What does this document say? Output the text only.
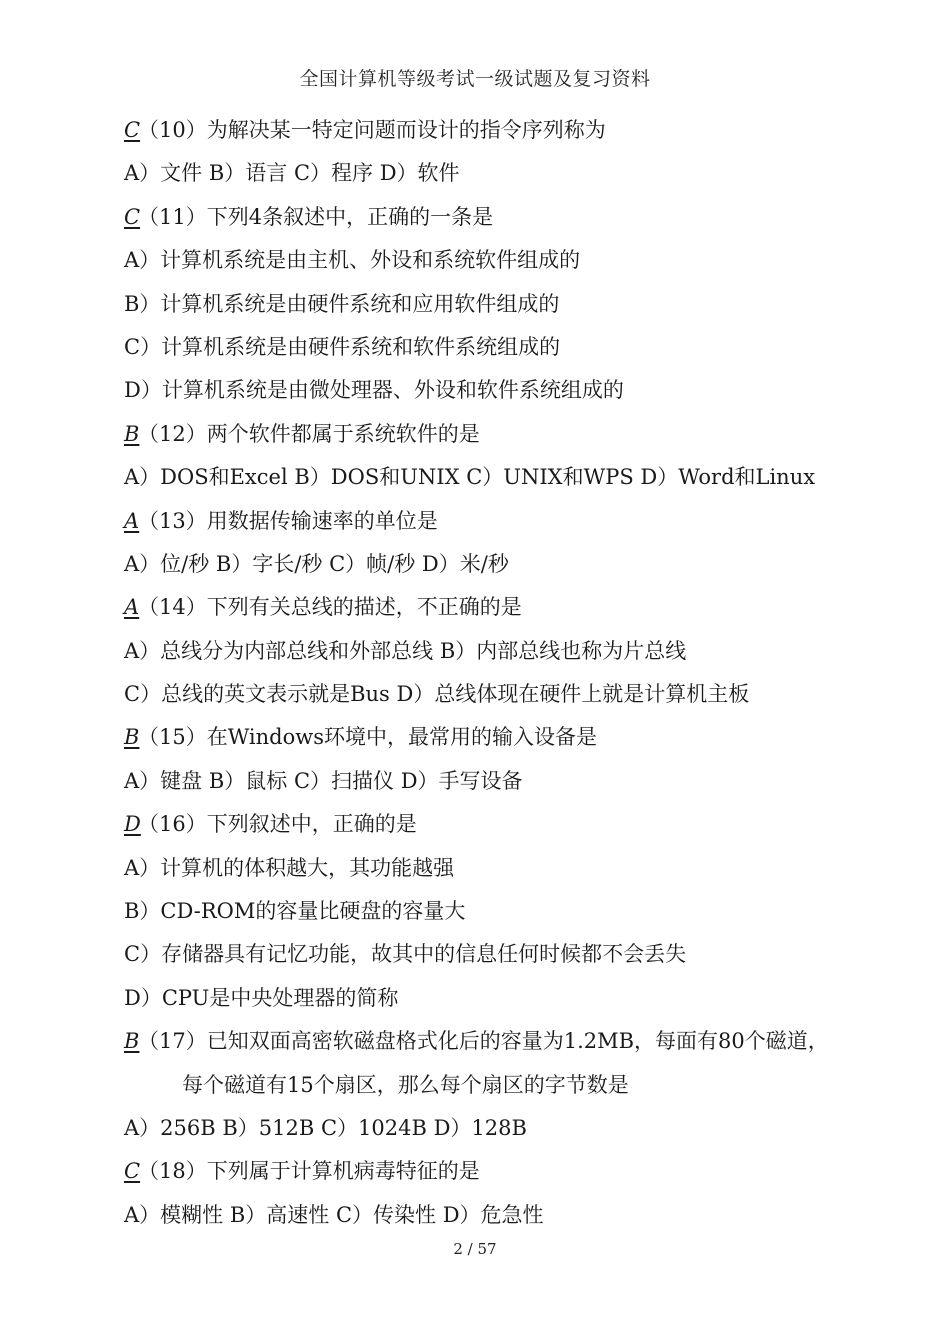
全国计算机等级考试一级试题及复习资料
C（10）为解决某一特定问题而设计的指令序列称为
A）文件 B）语言 C）程序 D）软件
C（11）下列4条叙述中，正确的一条是
A）计算机系统是由主机、外设和系统软件组成的
B）计算机系统是由硬件系统和应用软件组成的
C）计算机系统是由硬件系统和软件系统组成的
D）计算机系统是由微处理器、外设和软件系统组成的
B（12）两个软件都属于系统软件的是
A）DOS和Excel B）DOS和UNIX C）UNIX和WPS D）Word和Linux
A（13）用数据传输速率的单位是
A）位/秒 B）字长/秒 C）帧/秒 D）米/秒
A（14）下列有关总线的描述，不正确的是
A）总线分为内部总线和外部总线 B）内部总线也称为片总线
C）总线的英文表示就是Bus D）总线体现在硬件上就是计算机主板
B（15）在Windows环境中，最常用的输入设备是
A）键盘 B）鼠标 C）扫描仪 D）手写设备
D（16）下列叙述中，正确的是
A）计算机的体积越大，其功能越强
B）CD-ROM的容量比硬盘的容量大
C）存储器具有记忆功能，故其中的信息任何时候都不会丢失
D）CPU是中央处理器的简称
B（17）已知双面高密软磁盘格式化后的容量为1.2MB，每面有80个磁道，
每个磁道有15个扇区，那么每个扇区的字节数是
A）256B B）512B C）1024B D）128B
C（18）下列属于计算机病毒特征的是
A）模糊性 B）高速性 C）传染性 D）危急性
2 / 57
